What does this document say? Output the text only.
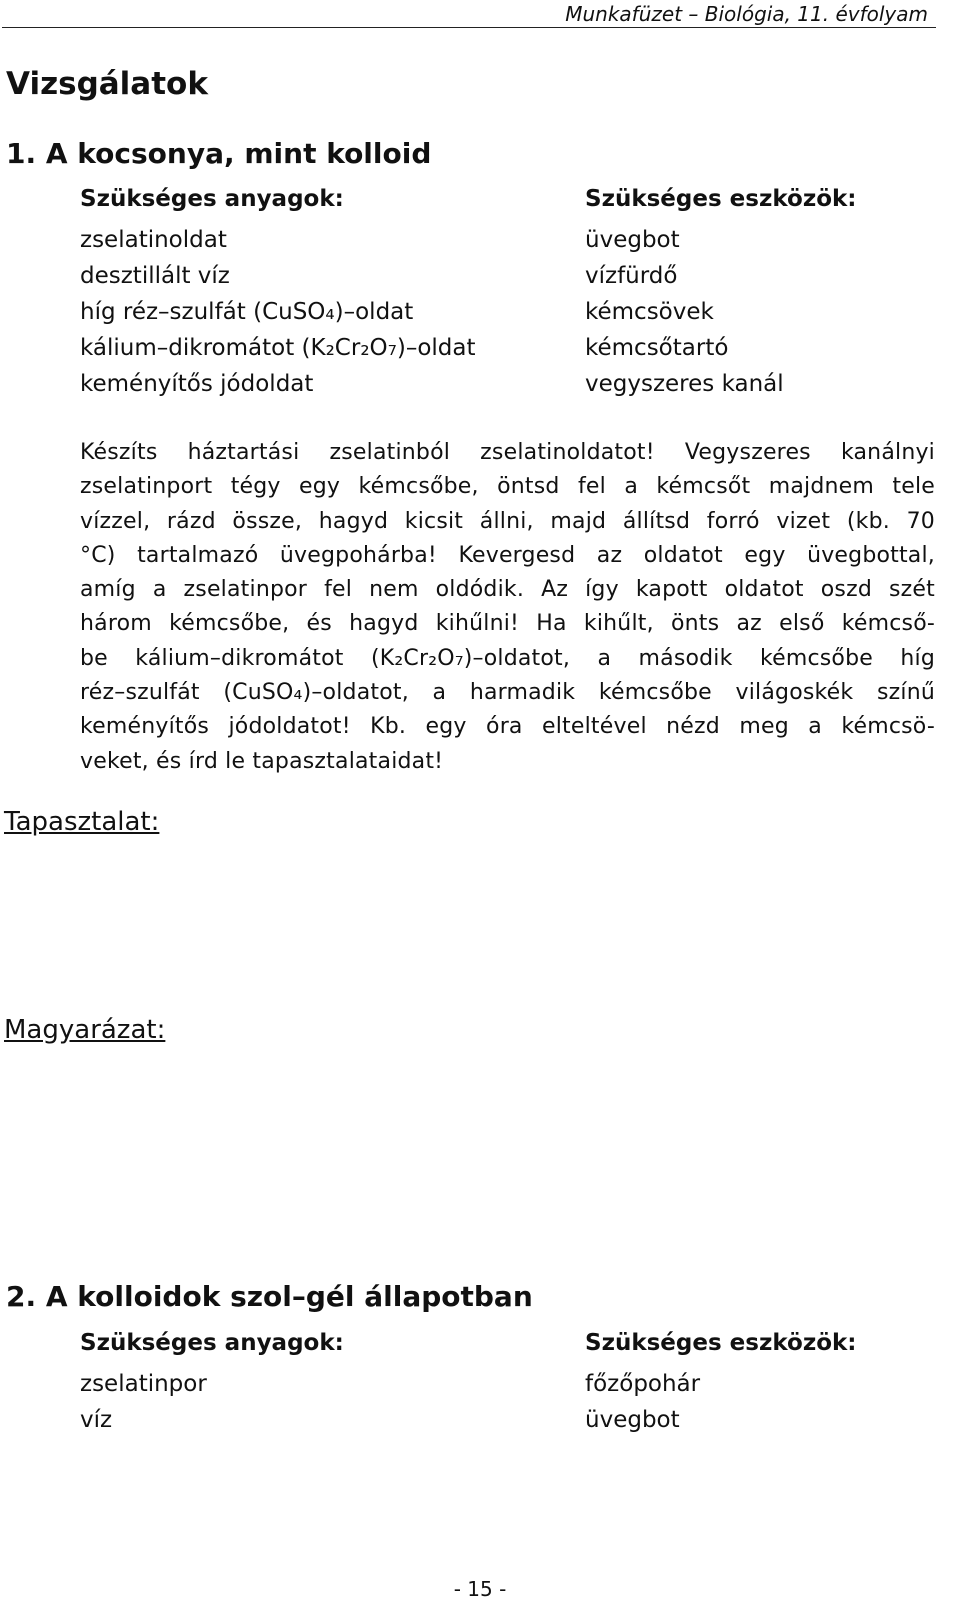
Munkafüzet – Biológia, 11. évfolyam
Vizsgálatok
1. A kocsonya, mint kolloid
Szükséges anyagok:
zselatinoldat
desztillált víz
híg réz–szulfát (CuSO₄)–oldat
kálium–dikromátot (K₂Cr₂O₇)–oldat
keményítős jódoldat
Szükséges eszközök:
üvegbot
vízfürdő
kémcsövek
kémcsőtartó
vegyszeres kanál
Készíts háztartási zselatinból zselatinoldatot! Vegyszeres kanálnyi
zselatinport tégy egy kémcsőbe, öntsd fel a kémcsőt majdnem tele
vízzel, rázd össze, hagyd kicsit állni, majd állítsd forró vizet (kb. 70
°C) tartalmazó üvegpohárba! Kevergesd az oldatot egy üvegbottal,
amíg a zselatinpor fel nem oldódik. Az így kapott oldatot oszd szét
három kémcsőbe, és hagyd kihűlni! Ha kihűlt, önts az első kémcső-
be kálium–dikromátot (K₂Cr₂O₇)–oldatot, a második kémcsőbe híg
réz–szulfát (CuSO₄)–oldatot, a harmadik kémcsőbe világoskék színű
keményítős jódoldatot! Kb. egy óra elteltével nézd meg a kémcsö-
veket, és írd le tapasztalataidat!
Tapasztalat:
Magyarázat:
2. A kolloidok szol–gél állapotban
Szükséges anyagok:
zselatinpor
víz
Szükséges eszközök:
főzőpohár
üvegbot
- 15 -
